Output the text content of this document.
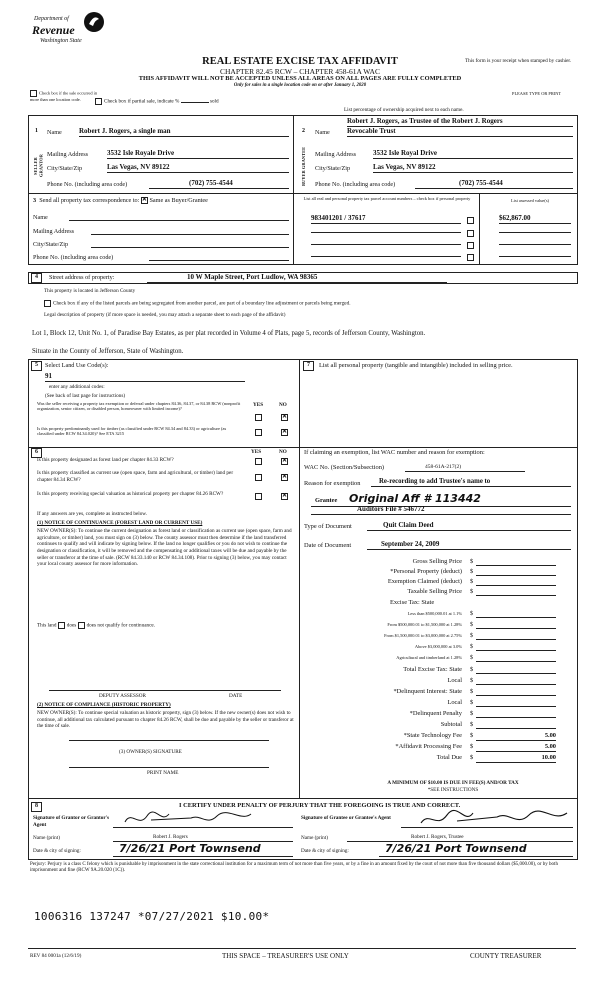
Department of
Revenue
Washington State
REAL ESTATE EXCISE TAX AFFIDAVIT
CHAPTER 82.45 RCW – CHAPTER 458-61A WAC
THIS AFFIDAVIT WILL NOT BE ACCEPTED UNLESS ALL AREAS ON ALL PAGES ARE FULLY COMPLETED
Only for sales in a single location code on or after January 1, 2020
This form is your receipt when stamped by cashier.
PLEASE TYPE OR PRINT
Check box if the sale occurred in more than one location code.	Check box if partial sale, indicate %	sold
List percentage of ownership acquired next to each name.
1
SELLER GRANTOR
Name Robert J. Rogers, a single man
Mailing Address	3532 Isle Royale Drive
City/State/Zip	Las Vegas, NV 89122
Phone No. (including area code)	(702) 755-4544
2
BUYER GRANTEE
Robert J. Rogers, as Trustee of the Robert J. Rogers
Name Revocable Trust
Mailing Address 3532 Isle Royal Drive
City/State/Zip	Las Vegas, NV 89122
Phone No. (including area code)	(702) 755-4544
3 Send all property tax correspondence to: ✕ Same as Buyer/Grantee
Name
Mailing Address
City/State/Zip
Phone No. (including area code)
List all real and personal property tax parcel account numbers – check box if personal property	List assessed value(s)
983401201 / 37617	$62,867.00
4	Street address of property:	10 W Maple Street, Port Ludlow, WA 98365
This property is located in Jefferson County
Check box if any of the listed parcels are being segregated from another parcel, are part of a boundary line adjustment or parcels being merged.
Legal description of property (if more space is needed, you may attach a separate sheet to each page of the affidavit)
Lot 1, Block 12, Unit No. 1, of Paradise Bay Estates, as per plat recorded in Volume 4 of Plats, page 5, records of Jefferson County, Washington.
Situate in the County of Jefferson, State of Washington.
5	Select Land Use Code(s):
91
enter any additional codes:
(See back of last page for instructions)
YES	NO
Was the seller receiving a property tax exemption or deferral under chapters 84.36, 84.37, or 84.38 RCW (nonprofit organization, senior citizen, or disabled person, homeowner with limited income)?
✕
Is this property predominantly used for timber (as classified under RCW 84.34 and 84.33) or agriculture (as classified under RCW 84.34.020)? See ETA 3215	✕
6	YES	NO
Is this property designated as forest land per chapter 84.33 RCW?	✕
Is this property classified as current use (open space, farm and agricultural, or timber) land per chapter 84.34 RCW?	✕
Is this property receiving special valuation as historical property per chapter 84.26 RCW?	✕
If any answers are yes, complete as instructed below.
(1) NOTICE OF CONTINUANCE (FOREST LAND OR CURRENT USE)
NEW OWNER(S): To continue the current designation as forest land or classification as current use (open space, farm and agriculture, or timber) land, you must sign on (3) below. The county assessor must then determine if the land transferred continues to qualify and will indicate by signing below. If the land no longer qualifies or you do not wish to continue the designation or classification, it will be removed and the compensating or additional taxes will be due and payable by the seller or transferor at the time of sale. (RCW 84.33.140 or RCW 84.34.108). Prior to signing (3) below, you may contact your local county assessor for more information.
This land does does not qualify for continuance.
DEPUTY ASSESSOR	DATE
(2) NOTICE OF COMPLIANCE (HISTORIC PROPERTY)
NEW OWNER(S): To continue special valuation as historic property, sign (3) below. If the new owner(s) does not wish to continue, all additional tax calculated pursuant to chapter 84.26 RCW, shall be due and payable by the seller or transferor at the time of sale.
(3) OWNER(S) SIGNATURE
PRINT NAME
7	List all personal property (tangible and intangible) included in selling price.
If claiming an exemption, list WAC number and reason for exemption:
WAC No. (Section/Subsection)	458-61A-217(2)
Reason for exemption	Re-recording to add Trustee's name to
Grantee Original Aff # 113442
Auditors File # 546772
Type of Document	Quit Claim Deed
Date of Document	September 24, 2009
A MINIMUM OF $10.00 IS DUE IN FEE(S) AND/OR TAX
*SEE INSTRUCTIONS
Gross Selling Price $
*Personal Property (deduct) $
Exemption Claimed (deduct) $
Taxable Selling Price $
Excise Tax: State
Less than $500,000.01 at 1.1% $
From $500,000.01 to $1,500,000 at 1.28% $
From $1,500,000.01 to $3,000,000 at 2.75% $
Above $3,000,000 at 3.0% $
Agricultural and timberland at 1.28% $
Total Excise Tax: State $
Local $
*Delinquent Interest: State $
Local $
*Delinquent Penalty $
Subtotal $
*State Technology Fee $	5.00
*Affidavit Processing Fee $	5.00
Total Due $	10.00
8	I CERTIFY UNDER PENALTY OF PERJURY THAT THE FOREGOING IS TRUE AND CORRECT.
Signature of Grantor or Grantor's Agent
Signature of Grantee or Grantee's Agent
Name (print)	Robert J. Rogers	Name (print)	Robert J. Rogers, Trustee
Date & city of signing:	7/26/21 Port Townsend	Date & city of signing:	7/26/21 Port Townsend
Perjury: Perjury is a class C felony which is punishable by imprisonment in the state correctional institution for a maximum term of not more than five years, or by a fine in an amount fixed by the court of not more than five thousand dollars ($5,000.00), or by both imprisonment and fine (RCW 9A.20.020 (1C)).
1006316 137247 *07/27/2021 $10.00*
REV 84 0001a (12/6/19)	THIS SPACE – TREASURER'S USE ONLY	COUNTY TREASURER
